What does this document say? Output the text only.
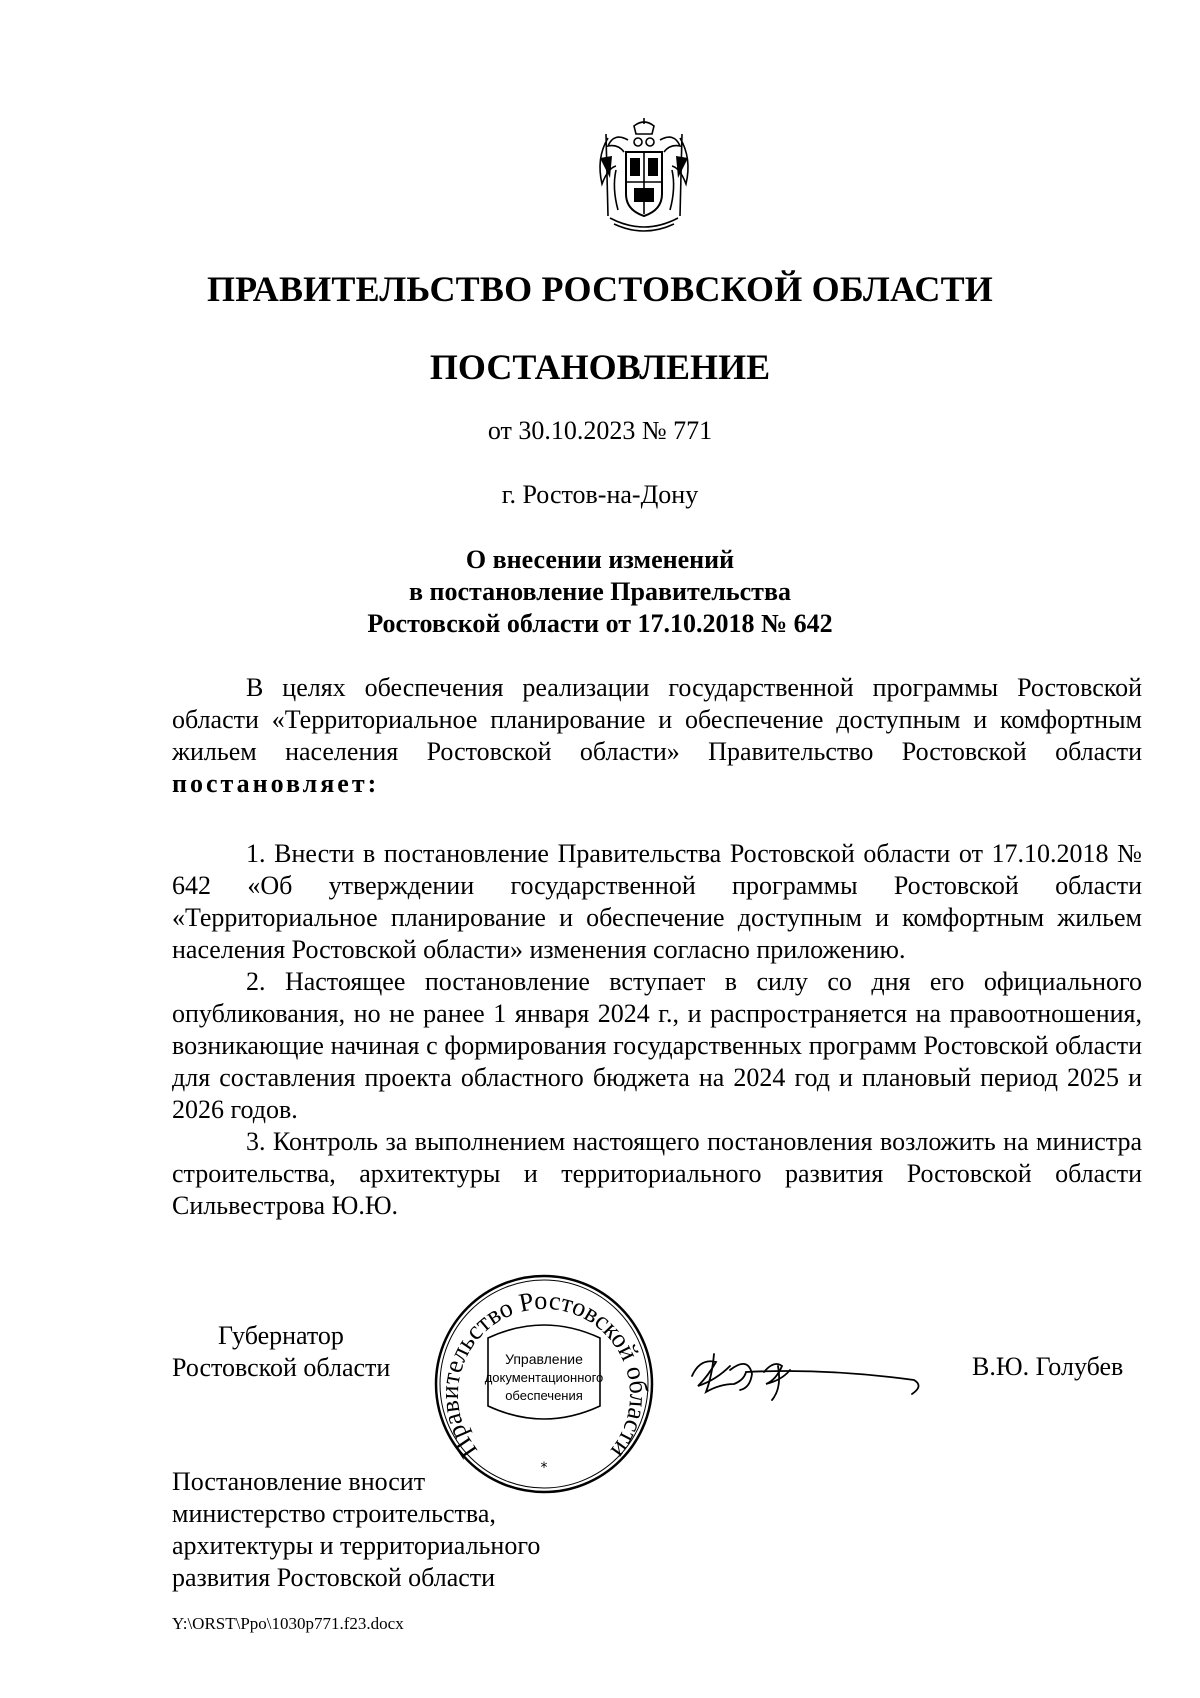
ПРАВИТЕЛЬСТВО РОСТОВСКОЙ ОБЛАСТИ
ПОСТАНОВЛЕНИЕ
от 30.10.2023 № 771
г. Ростов-на-Дону
О внесении изменений
в постановление Правительства
Ростовской области от 17.10.2018 № 642

В целях обеспечения реализации государственной программы Ростовской области «Территориальное планирование и обеспечение доступным и комфортным жильем населения Ростовской области» Правительство Ростовской области постановляет:

1. Внести в постановление Правительства Ростовской области от 17.10.2018 № 642 «Об утверждении государственной программы Ростовской области «Территориальное планирование и обеспечение доступным и комфортным жильем населения Ростовской области» изменения согласно приложению.

2. Настоящее постановление вступает в силу со дня его официального опубликования, но не ранее 1 января 2024 г., и распространяется на правоотношения, возникающие начиная с формирования государственных программ Ростовской области для составления проекта областного бюджета на 2024 год и плановый период 2025 и 2026 годов.

3. Контроль за выполнением настоящего постановления возложить на министра строительства, архитектуры и территориального развития Ростовской области Сильвестрова Ю.Ю.

Губернатор
Ростовской области
Правительство Ростовской области
Управление
документационного
обеспечения
*
В.Ю. Голубев
Постановление вносит
министерство строительства,
архитектуры и территориального
развития Ростовской области
Y:\ORST\Ppo\1030p771.f23.docx
